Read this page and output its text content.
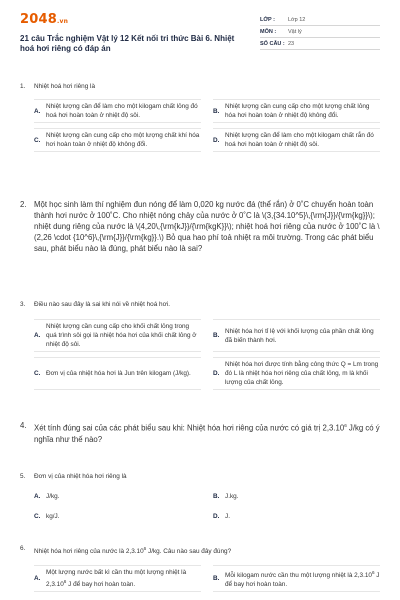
2048.vn
21 câu Trắc nghiệm Vật lý 12 Kết nối tri thức Bài 6. Nhiệt hoá hơi riêng có đáp án
LỚP :	Lớp 12
MÔN :	Vật lý
SỐ CÂU : 23
1.	Nhiệt hoá hơi riêng là
A.
Nhiệt lượng cần để làm cho một kilogam chất lỏng đó hoá hơi hoàn toàn ở nhiệt độ sôi.
B.
Nhiệt lượng cần cung cấp cho một lượng chất lỏng hóa hơi hoàn toàn ở nhiệt độ không đổi.
C.
Nhiệt lượng cần cung cấp cho một lượng chất khí hóa hơi hoàn toàn ở nhiệt độ không đổi.
D.
Nhiệt lượng cần để làm cho một kilogam chất rắn đó hoá hơi hoàn toàn ở nhiệt độ sôi.
2. Một học sinh làm thí nghiệm đun nóng để làm 0,020 kg nước đá (thể rắn) ở 0˚C chuyển hoàn toàn thành hơi nước ở 100˚C. Cho nhiệt nóng chảy của nước ở 0˚C là \(3,{34.10^5}\,{\rm{J}}/{\rm{kg}}\); nhiệt dung riêng của nước là \(4,20\,{\rm{kJ}}/{\rm{kgK}}\); nhiệt hoá hơi riêng của nước ở 100˚C là \(2,26 \cdot {10^6}\,{\rm{J}}/{\rm{kg}}.\) Bỏ qua hao phí toả nhiệt ra môi trường. Trong các phát biểu sau, phát biểu nào là đúng, phát biểu nào là sai?
3.	Điều nào sau đây là sai khi nói về nhiệt hoá hơi.
A.
Nhiệt lượng cần cung cấp cho khối chất lỏng trong quá trình sôi gọi là nhiệt hóa hơi của khối chất lỏng ở nhiệt độ sôi.
B.
Nhiệt hóa hơi tỉ lệ với khối lượng của phần chất lỏng đã biến thành hơi.
C. Đơn vị của nhiệt hóa hơi là Jun trên kilogam (J/kg).	D.
Nhiệt hóa hơi được tính bằng công thức Q = Lm trong đó L là nhiệt hóa hơi riêng của chất lỏng, m là khối lượng của chất lỏng.
4. Xét tính đúng sai của các phát biểu sau khi: Nhiệt hóa hơi riêng của nước có giá trị 2,3.10$^6$ J/kg có ý nghĩa như thế nào?
5.	Đơn vị của nhiệt hóa hơi riêng là
A. J/kg.	B. J.kg.
C. kg/J.	D. J.
6.	Nhiệt hóa hơi riêng của nước là 2,3.10$^6$ J/kg. Câu nào sau đây đúng?
A.
Một lượng nước bất kì cần thu một lượng nhiệt là 2,3.10$^6$ J để bay hơi hoàn toàn.
B. Mỗi kilogam nước cần thu một lượng nhiệt là 2,3.10$^6$ J để bay hơi hoàn toàn.
